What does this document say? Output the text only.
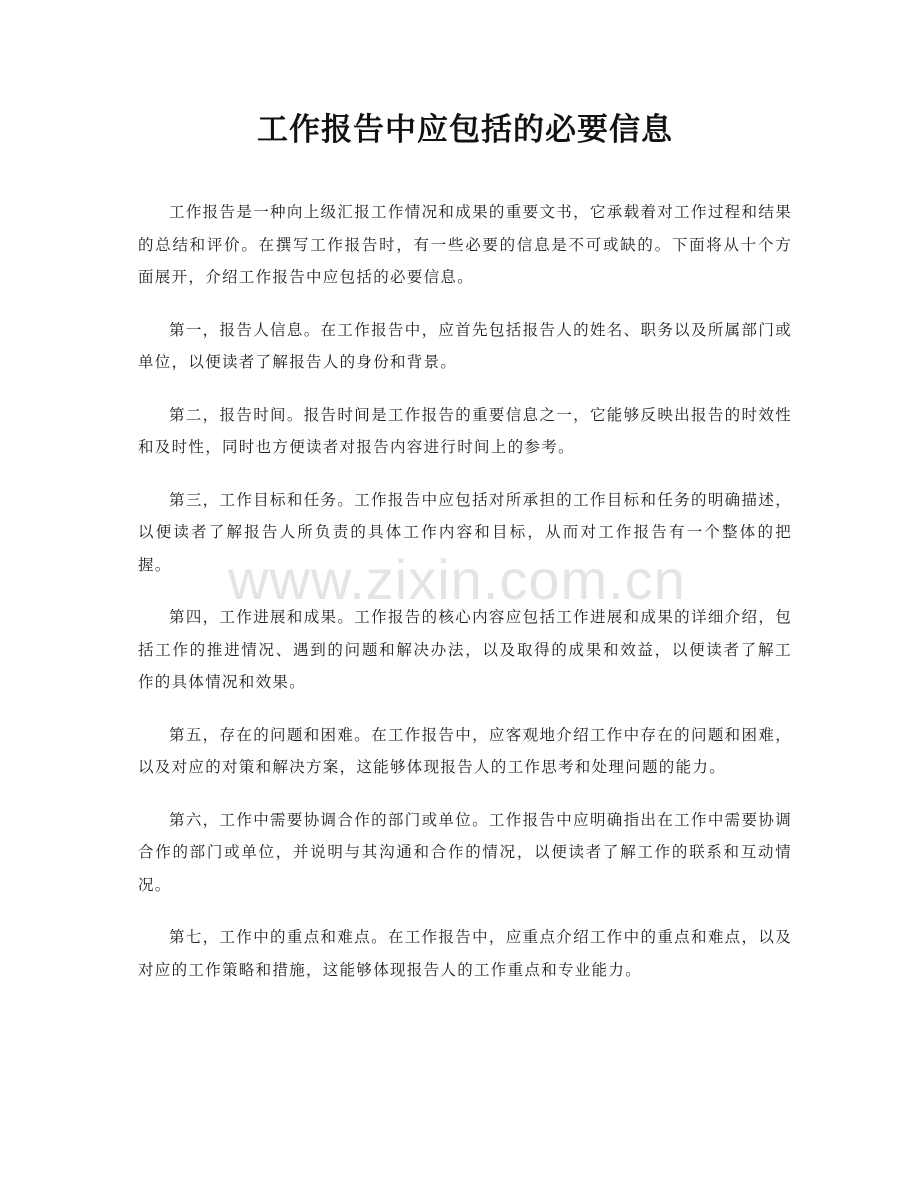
工作报告中应包括的必要信息

工作报告是一种向上级汇报工作情况和成果的重要文书，它承载着对工作过程和结果的总结和评价。在撰写工作报告时，有一些必要的信息是不可或缺的。下面将从十个方面展开，介绍工作报告中应包括的必要信息。

第一，报告人信息。在工作报告中，应首先包括报告人的姓名、职务以及所属部门或单位，以便读者了解报告人的身份和背景。

第二，报告时间。报告时间是工作报告的重要信息之一，它能够反映出报告的时效性和及时性，同时也方便读者对报告内容进行时间上的参考。

第三，工作目标和任务。工作报告中应包括对所承担的工作目标和任务的明确描述，以便读者了解报告人所负责的具体工作内容和目标，从而对工作报告有一个整体的把握。

第四，工作进展和成果。工作报告的核心内容应包括工作进展和成果的详细介绍，包括工作的推进情况、遇到的问题和解决办法，以及取得的成果和效益，以便读者了解工作的具体情况和效果。

第五，存在的问题和困难。在工作报告中，应客观地介绍工作中存在的问题和困难，以及对应的对策和解决方案，这能够体现报告人的工作思考和处理问题的能力。

第六，工作中需要协调合作的部门或单位。工作报告中应明确指出在工作中需要协调合作的部门或单位，并说明与其沟通和合作的情况，以便读者了解工作的联系和互动情况。

第七，工作中的重点和难点。在工作报告中，应重点介绍工作中的重点和难点，以及对应的工作策略和措施，这能够体现报告人的工作重点和专业能力。

www.zixin.com.cn
